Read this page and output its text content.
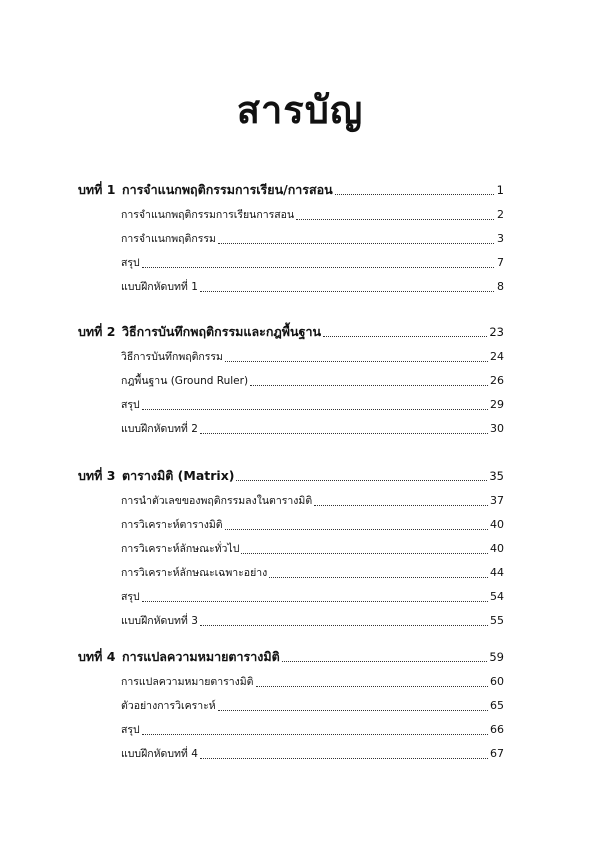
สารบัญ
บทที่ 1 การจำแนกพฤติกรรมการเรียน/การสอน	1
การจำแนกพฤติกรรมการเรียนการสอน	2
การจำแนกพฤติกรรม	3
สรุป	7
แบบฝึกหัดบทที่ 1	8
บทที่ 2 วิธีการบันทึกพฤติกรรมและกฎพื้นฐาน	23
วิธีการบันทึกพฤติกรรม	24
กฎพื้นฐาน (Ground Ruler)	26
สรุป	29
แบบฝึกหัดบทที่ 2	30
บทที่ 3 ตารางมิติ (Matrix)	35
การนำตัวเลขของพฤติกรรมลงในตารางมิติ	37
การวิเคราะห์ตารางมิติ	40
การวิเคราะห์ลักษณะทั่วไป	40
การวิเคราะห์ลักษณะเฉพาะอย่าง	44
สรุป	54
แบบฝึกหัดบทที่ 3	55
บทที่ 4 การแปลความหมายตารางมิติ	59
การแปลความหมายตารางมิติ	60
ตัวอย่างการวิเคราะห์	65
สรุป	66
แบบฝึกหัดบทที่ 4	67
